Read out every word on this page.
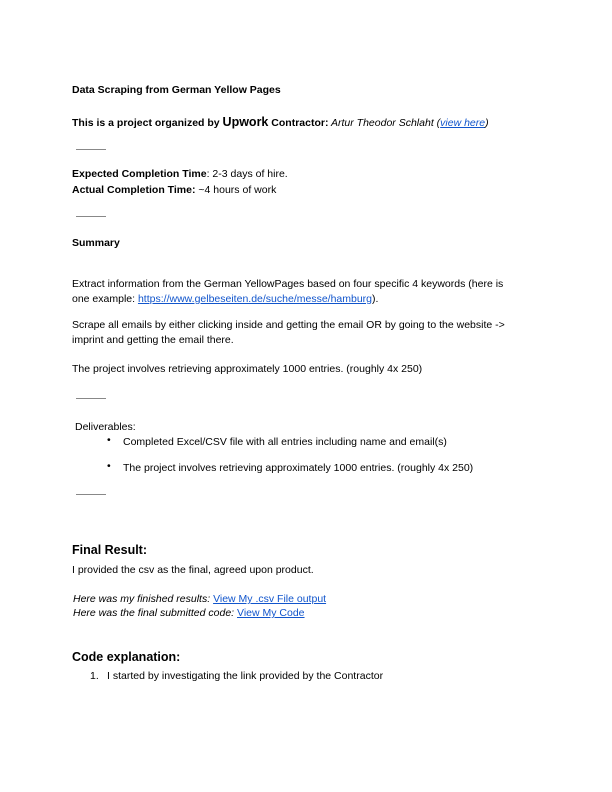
Data Scraping from German Yellow Pages
This is a project organized by Upwork Contractor: Artur Theodor Schlaht (view here)
Expected Completion Time: 2-3 days of hire.
Actual Completion Time: ~4 hours of work
Summary
Extract information from the German YellowPages based on four specific 4 keywords (here is
one example: https://www.gelbeseiten.de/suche/messe/hamburg).
Scrape all emails by either clicking inside and getting the email OR by going to the website ->
imprint and getting the email there.
The project involves retrieving approximately 1000 entries. (roughly 4x 250)
Deliverables:
• Completed Excel/CSV file with all entries including name and email(s)
• The project involves retrieving approximately 1000 entries. (roughly 4x 250)
Final Result:
I provided the csv as the final, agreed upon product.
Here was my finished results: View My .csv File output
Here was the final submitted code: View My Code
Code explanation:
1. I started by investigating the link provided by the Contractor
